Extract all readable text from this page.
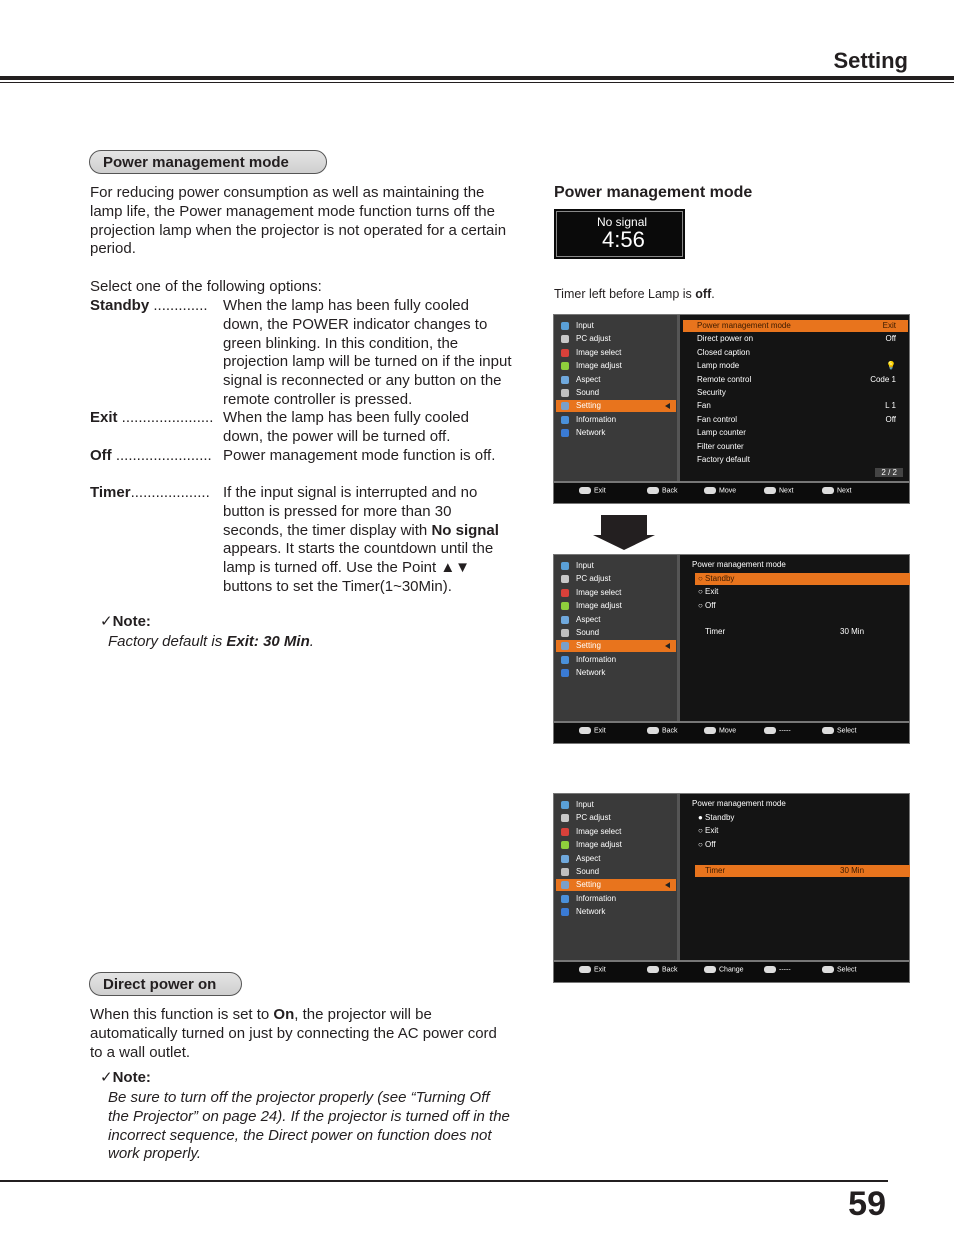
Setting
Power management mode
For reducing power consumption as well as maintaining the lamp life, the Power management mode function turns off the projection lamp when the projector is not operated for a certain period.
Select one of the following options:
Standby .............	When the lamp has been fully cooled down, the POWER indicator changes to green blinking. In this condition, the projection lamp will be turned on if the input signal is reconnected or any button on the remote controller is pressed.
Exit ...................... When the lamp has been fully cooled down, the power will be turned off.
Off ....................... Power management mode function is off.
Timer................... If the input signal is interrupted and no button is pressed for more than 30 seconds, the timer display with No signal appears. It starts the countdown until the lamp is turned off. Use the Point ▲▼ buttons to set the Timer(1~30Min).
✓Note:
Factory default is Exit: 30 Min.
Direct power on
When this function is set to On, the projector will be automatically turned on just by connecting the AC power cord to a wall outlet.
✓Note:
Be sure to turn off the projector properly (see “Turning Off the Projector” on page 24). If the projector is turned off in the incorrect sequence, the Direct power on function does not work properly.
Power management mode
No signal
4:56
Timer left before Lamp is off.
Input
PC adjust
Image select
Image adjust
Aspect
Sound
Setting
Information
Network
Power management mode	Exit
Direct power on	Off
Closed caption
Lamp mode	💡
Remote control	Code 1
Security
Fan	L 1
Fan control	Off
Lamp counter
Filter counter
Factory default
2 / 2
Exit	Back	Move	Next	Next
Input
PC adjust
Image select
Image adjust
Aspect
Sound
Setting
Information
Network
Power management mode
○ Standby
○ Exit
○ Off
Timer	30 Min
Exit	Back	Move	-----	Select
Input
PC adjust
Image select
Image adjust
Aspect
Sound
Setting
Information
Network
Power management mode
● Standby
○ Exit
○ Off
Timer	30 Min
Exit	Back	Change	-----	Select
59
